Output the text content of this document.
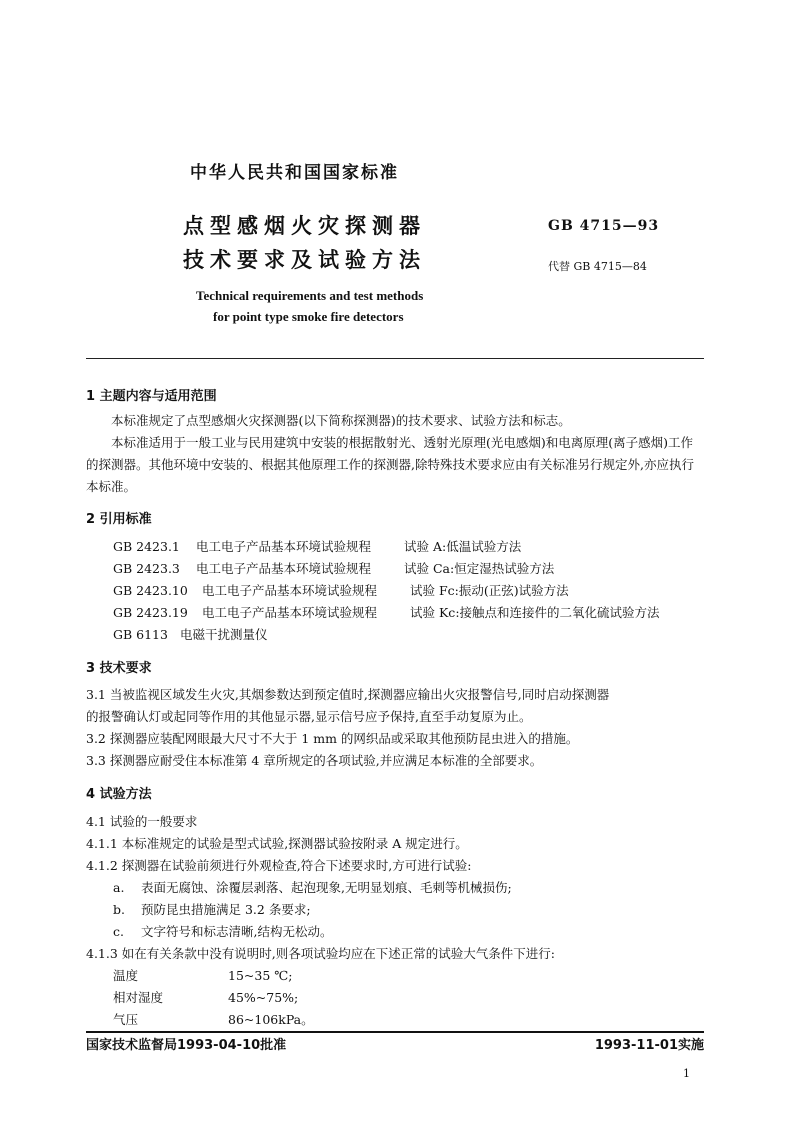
中华人民共和国国家标准
点型感烟火灾探测器
技术要求及试验方法
GB 4715—93
代替 GB 4715—84
Technical requirements and test methods
for point type smoke fire detectors
1 主题内容与适用范围
本标准规定了点型感烟火灾探测器(以下简称探测器)的技术要求、试验方法和标志。
本标准适用于一般工业与民用建筑中安装的根据散射光、透射光原理(光电感烟)和电离原理(离子感烟)工作的探测器。其他环境中安装的、根据其他原理工作的探测器,除特殊技术要求应由有关标准另行规定外,亦应执行本标准。
2 引用标准
GB 2423.1 电工电子产品基本环境试验规程	试验 A:低温试验方法
GB 2423.3 电工电子产品基本环境试验规程	试验 Ca:恒定湿热试验方法
GB 2423.10 电工电子产品基本环境试验规程	试验 Fc:振动(正弦)试验方法
GB 2423.19 电工电子产品基本环境试验规程	试验 Kc:接触点和连接件的二氧化硫试验方法
GB 6113 电磁干扰测量仪
3 技术要求
3.1 当被监视区域发生火灾,其烟参数达到预定值时,探测器应输出火灾报警信号,同时启动探测器
的报警确认灯或起同等作用的其他显示器,显示信号应予保持,直至手动复原为止。
3.2 探测器应装配网眼最大尺寸不大于 1 mm 的网织品或采取其他预防昆虫进入的措施。
3.3 探测器应耐受住本标准第 4 章所规定的各项试验,并应满足本标准的全部要求。
4 试验方法
4.1 试验的一般要求
4.1.1 本标准规定的试验是型式试验,探测器试验按附录 A 规定进行。
4.1.2 探测器在试验前须进行外观检查,符合下述要求时,方可进行试验:
a. 表面无腐蚀、涂覆层剥落、起泡现象,无明显划痕、毛刺等机械损伤;
b. 预防昆虫措施满足 3.2 条要求;
c. 文字符号和标志清晰,结构无松动。
4.1.3 如在有关条款中没有说明时,则各项试验均应在下述正常的试验大气条件下进行:
温度	15~35 ℃;
相对湿度	45%~75%;
气压	86~106kPa。
国家技术监督局1993-04-10批准	1993-11-01实施
1
